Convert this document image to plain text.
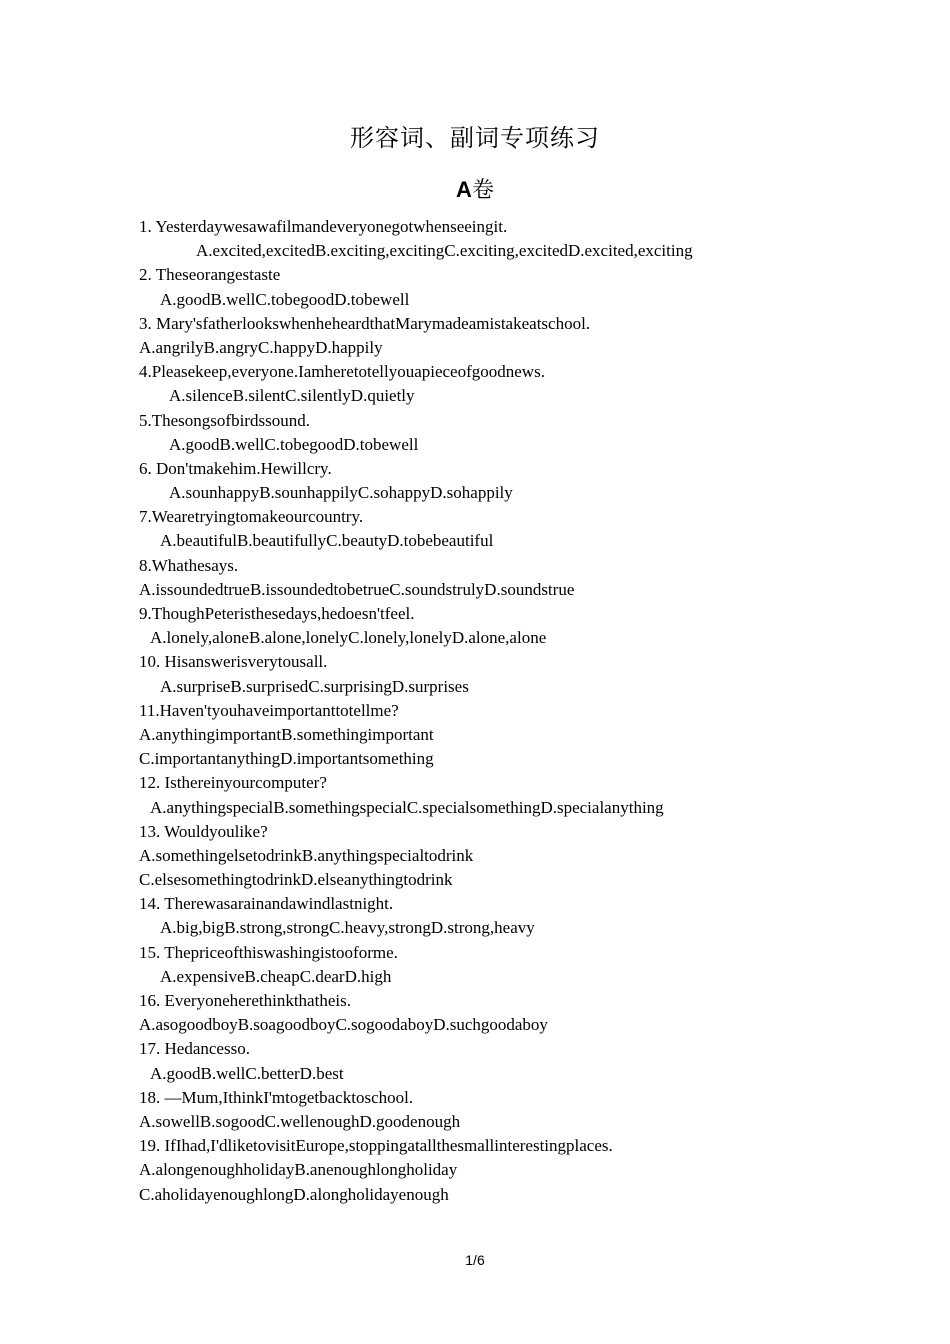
形容词、副词专项练习
A卷
1. Yesterdaywesawafilmandeveryonegotwhenseeingit.
A.excited,excitedB.exciting,excitingC.exciting,excitedD.excited,exciting
2. Theseorangestaste
A.goodB.wellC.tobegoodD.tobewell
3. Mary'sfatherlookswhenheheardthatMarymadeamistakeatschool.
A.angrilyB.angryC.happyD.happily
4.Pleasekeep,everyone.Iamheretotellyouapieceofgoodnews.
A.silenceB.silentC.silentlyD.quietly
5.Thesongsofbirdssound.
A.goodB.wellC.tobegoodD.tobewell
6. Don'tmakehim.Hewillcry.
A.sounhappyB.sounhappilyC.sohappyD.sohappily
7.Wearetryingtomakeourcountry.
A.beautifulB.beautifullyC.beautyD.tobebeautiful
8.Whathesays.
A.issoundedtrueB.issoundedtobetrueC.soundstrulyD.soundstrue
9.ThoughPeteristhesedays,hedoesn'tfeel.
A.lonely,aloneB.alone,lonelyC.lonely,lonelyD.alone,alone
10. Hisanswerisverytousall.
A.surpriseB.surprisedC.surprisingD.surprises
11.Haven'tyouhaveimportanttotellme?
A.anythingimportantB.somethingimportant
C.importantanythingD.importantsomething
12. Isthereinyourcomputer?
A.anythingspecialB.somethingspecialC.specialsomethingD.specialanything
13. Wouldyoulike?
A.somethingelsetodrinkB.anythingspecialtodrink
C.elsesomethingtodrinkD.elseanythingtodrink
14. Therewasarainandawindlastnight.
A.big,bigB.strong,strongC.heavy,strongD.strong,heavy
15. Thepriceofthiswashingistooforme.
A.expensiveB.cheapC.dearD.high
16. Everyoneherethinkthatheis.
A.asogoodboyB.soagoodboyC.sogoodaboyD.suchgoodaboy
17. Hedancesso.
A.goodB.wellC.betterD.best
18. —Mum,IthinkI'mtogetbacktoschool.
A.sowellB.sogoodC.wellenoughD.goodenough
19. IfIhad,I'dliketovisitEurope,stoppingatallthesmallinterestingplaces.
A.alongenoughholidayB.anenoughlongholiday
C.aholidayenoughlongD.alongholidayenough
1/6
